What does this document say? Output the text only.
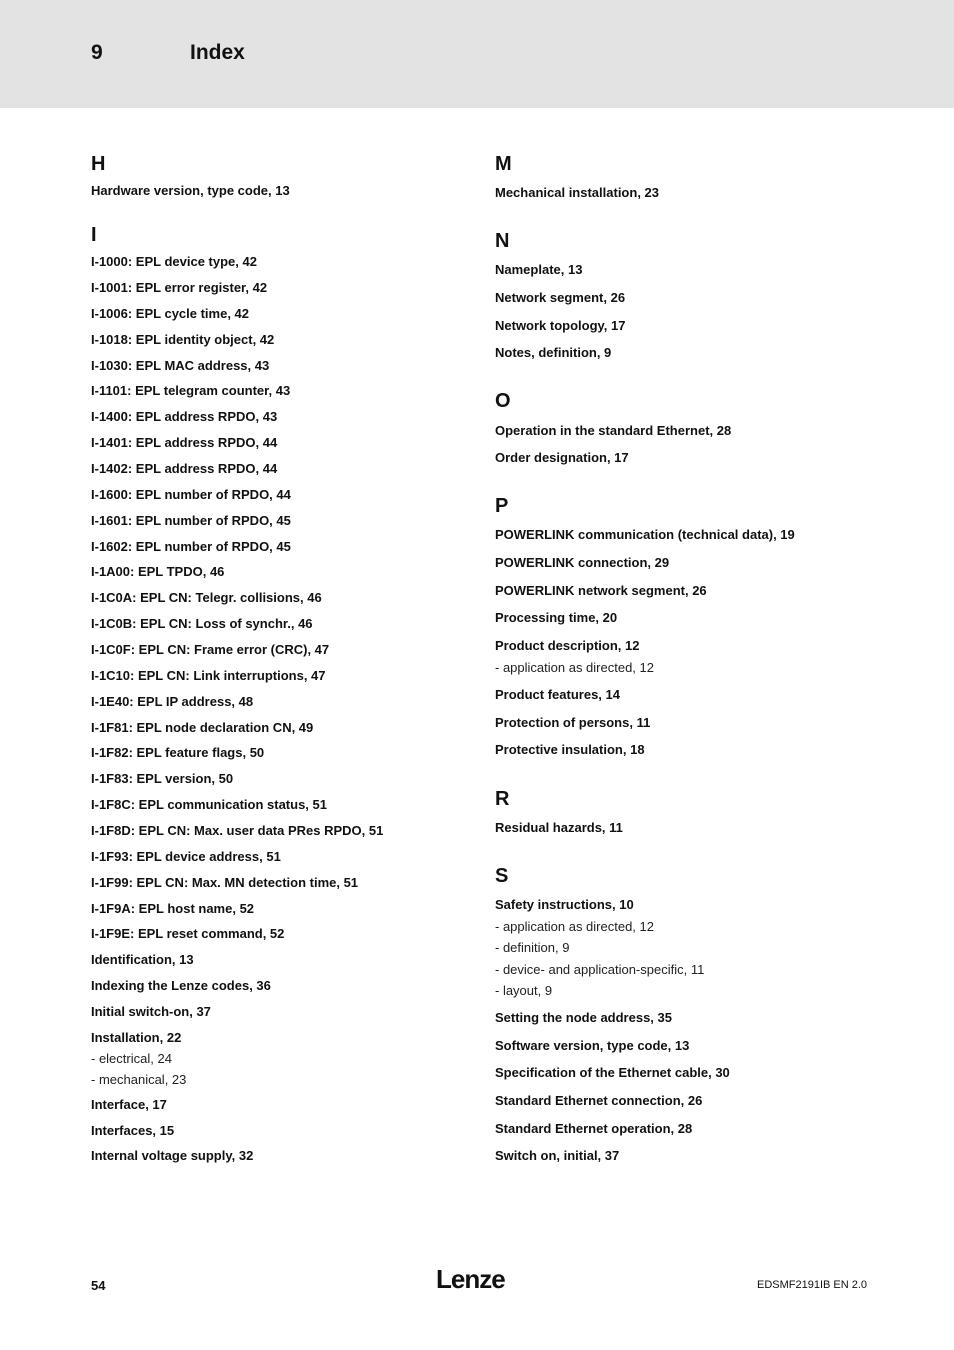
9	Index
H
Hardware version, type code, 13
I
I-1000: EPL device type, 42
I-1001: EPL error register, 42
I-1006: EPL cycle time, 42
I-1018: EPL identity object, 42
I-1030: EPL MAC address, 43
I-1101: EPL telegram counter, 43
I-1400: EPL address RPDO, 43
I-1401: EPL address RPDO, 44
I-1402: EPL address RPDO, 44
I-1600: EPL number of RPDO, 44
I-1601: EPL number of RPDO, 45
I-1602: EPL number of RPDO, 45
I-1A00: EPL TPDO, 46
I-1C0A: EPL CN: Telegr. collisions, 46
I-1C0B: EPL CN: Loss of synchr., 46
I-1C0F: EPL CN: Frame error (CRC), 47
I-1C10: EPL CN: Link interruptions, 47
I-1E40: EPL IP address, 48
I-1F81: EPL node declaration CN, 49
I-1F82: EPL feature flags, 50
I-1F83: EPL version, 50
I-1F8C: EPL communication status, 51
I-1F8D: EPL CN: Max. user data PRes RPDO, 51
I-1F93: EPL device address, 51
I-1F99: EPL CN: Max. MN detection time, 51
I-1F9A: EPL host name, 52
I-1F9E: EPL reset command, 52
Identification, 13
Indexing the Lenze codes, 36
Initial switch-on, 37
Installation, 22
- electrical, 24
- mechanical, 23
Interface, 17
Interfaces, 15
Internal voltage supply, 32
M
Mechanical installation, 23
N
Nameplate, 13
Network segment, 26
Network topology, 17
Notes, definition, 9
O
Operation in the standard Ethernet, 28
Order designation, 17
P
POWERLINK communication (technical data), 19
POWERLINK connection, 29
POWERLINK network segment, 26
Processing time, 20
Product description, 12
- application as directed, 12
Product features, 14
Protection of persons, 11
Protective insulation, 18
R
Residual hazards, 11
S
Safety instructions, 10
- application as directed, 12
- definition, 9
- device- and application-specific, 11
- layout, 9
Setting the node address, 35
Software version, type code, 13
Specification of the Ethernet cable, 30
Standard Ethernet connection, 26
Standard Ethernet operation, 28
Switch on, initial, 37
54	Lenze	EDSMF2191IB EN 2.0
